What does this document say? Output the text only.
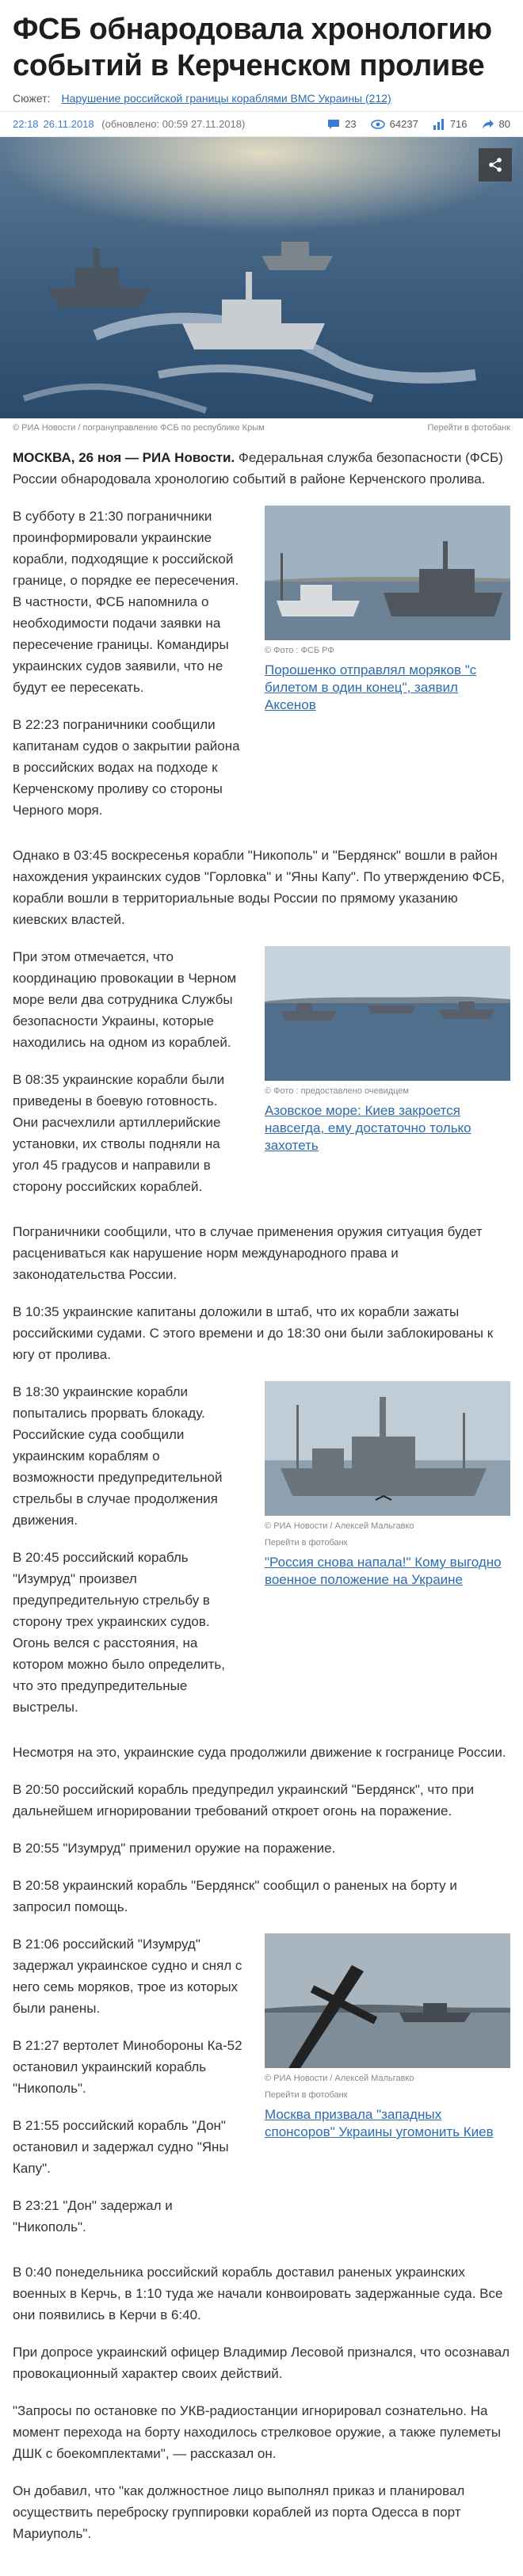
ФСБ обнародовала хронологию событий в Керченском проливе
Сюжет: Нарушение российской границы кораблями ВМС Украины (212)
22:18 26.11.2018 (обновлено: 00:59 27.11.2018)	23	64237	716	80
© РИА Новости / погрануправление ФСБ по республике Крым	Перейти в фотобанк

МОСКВА, 26 ноя — РИА Новости. Федеральная служба безопасности (ФСБ) России обнародовала хронологию событий в районе Керченского пролива.

В субботу в 21:30 пограничники проинформировали украинские корабли, подходящие к российской границе, о порядке ее пересечения. В частности, ФСБ напомнила о необходимости подачи заявки на пересечение границы. Командиры украинских судов заявили, что не будут ее пересекать.

В 22:23 пограничники сообщили капитанам судов о закрытии района в российских водах на подходе к Керченскому проливу со стороны Черного моря.

© Фото : ФСБ РФ
Порошенко отправлял моряков "с билетом в один конец", заявил Аксенов

Однако в 03:45 воскресенья корабли "Никополь" и "Бердянск" вошли в район нахождения украинских судов "Горловка" и "Яны Капу". По утверждению ФСБ, корабли вошли в территориальные воды России по прямому указанию киевских властей.

При этом отмечается, что координацию провокации в Черном море вели два сотрудника Службы безопасности Украины, которые находились на одном из кораблей.

В 08:35 украинские корабли были приведены в боевую готовность. Они расчехлили артиллерийские установки, их стволы подняли на угол 45 градусов и направили в сторону российских кораблей.

© Фото : предоставлено очевидцем
Азовское море: Киев закроется навсегда, ему достаточно только захотеть

Пограничники сообщили, что в случае применения оружия ситуация будет расцениваться как нарушение норм международного права и законодательства России.

В 10:35 украинские капитаны доложили в штаб, что их корабли зажаты российскими судами. С этого времени и до 18:30 они были заблокированы к югу от пролива.

В 18:30 украинские корабли попытались прорвать блокаду. Российские суда сообщили украинским кораблям о возможности предупредительной стрельбы в случае продолжения движения.

В 20:45 российский корабль "Изумруд" произвел предупредительную стрельбу в сторону трех украинских судов. Огонь велся с расстояния, на котором можно было определить, что это предупредительные выстрелы.

© РИА Новости / Алексей Мальгавко
Перейти в фотобанк
"Россия снова напала!" Кому выгодно военное положение на Украине

Несмотря на это, украинские суда продолжили движение к госгранице России.

В 20:50 российский корабль предупредил украинский "Бердянск", что при дальнейшем игнорировании требований откроет огонь на поражение.

В 20:55 "Изумруд" применил оружие на поражение.

В 20:58 украинский корабль "Бердянск" сообщил о раненых на борту и запросил помощь.

В 21:06 российский "Изумруд" задержал украинское судно и снял с него семь моряков, трое из которых были ранены.

В 21:27 вертолет Минобороны Ка-52 остановил украинский корабль "Никополь".

В 21:55 российский корабль "Дон" остановил и задержал судно "Яны Капу".

В 23:21 "Дон" задержал и "Никополь".

© РИА Новости / Алексей Мальгавко
Перейти в фотобанк
Москва призвала "западных спонсоров" Украины угомонить Киев

В 0:40 понедельника российский корабль доставил раненых украинских военных в Керчь, в 1:10 туда же начали конвоировать задержанные суда. Все они появились в Керчи в 6:40.

При допросе украинский офицер Владимир Лесовой признался, что осознавал провокационный характер своих действий.

"Запросы по остановке по УКВ-радиостанции игнорировал сознательно. На момент перехода на борту находилось стрелковое оружие, а также пулеметы ДШК с боекомплектами", — рассказал он.

Он добавил, что "как должностное лицо выполнял приказ и планировал осуществить переброску группировки кораблей из порта Одесса в порт Мариуполь".
